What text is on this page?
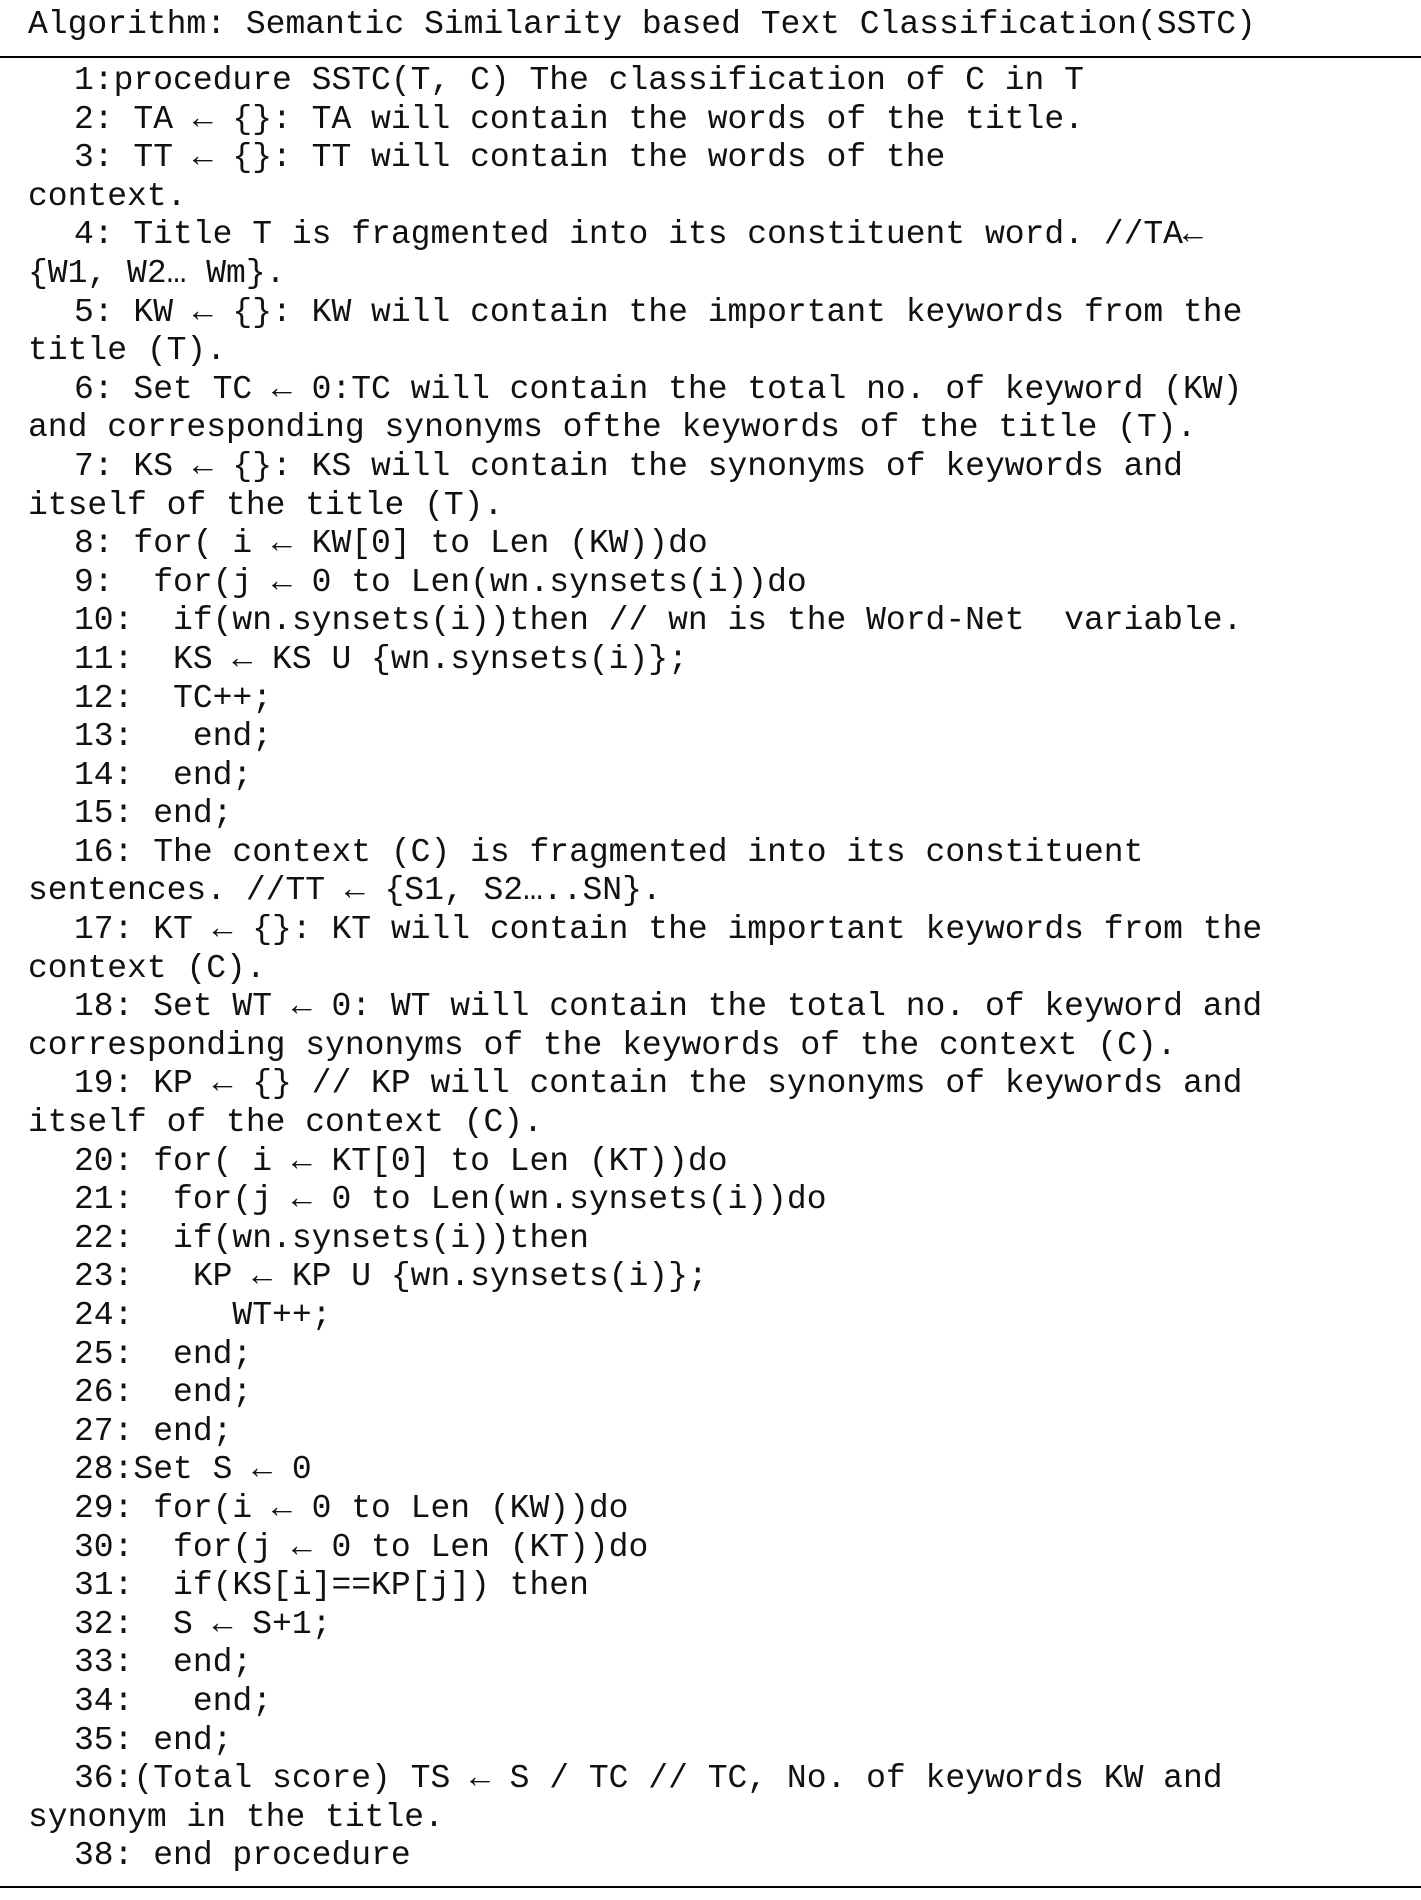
Algorithm: Semantic Similarity based Text Classification(SSTC)
1:procedure SSTC(T, C) The classification of C in T
2: TA ← {}: TA will contain the words of the title.
3: TT ← {}: TT will contain the words of the
context.
4: Title T is fragmented into its constituent word. //TA←
{W1, W2… Wm}.
5: KW ← {}: KW will contain the important keywords from the
title (T).
6: Set TC ← 0:TC will contain the total no. of keyword (KW)
and corresponding synonyms ofthe keywords of the title (T).
7: KS ← {}: KS will contain the synonyms of keywords and
itself of the title (T).
8: for( i ← KW[0] to Len (KW))do
9:  for(j ← 0 to Len(wn.synsets(i))do
10:  if(wn.synsets(i))then // wn is the Word-Net  variable.
11:  KS ← KS U {wn.synsets(i)};
12:  TC++;
13:   end;
14:  end;
15: end;
16: The context (C) is fragmented into its constituent
sentences. //TT ← {S1, S2…..SN}.
17: KT ← {}: KT will contain the important keywords from the
context (C).
18: Set WT ← 0: WT will contain the total no. of keyword and
corresponding synonyms of the keywords of the context (C).
19: KP ← {} // KP will contain the synonyms of keywords and
itself of the context (C).
20: for( i ← KT[0] to Len (KT))do
21:  for(j ← 0 to Len(wn.synsets(i))do
22:  if(wn.synsets(i))then
23:   KP ← KP U {wn.synsets(i)};
24:     WT++;
25:  end;
26:  end;
27: end;
28:Set S ← 0
29: for(i ← 0 to Len (KW))do
30:  for(j ← 0 to Len (KT))do
31:  if(KS[i]==KP[j]) then
32:  S ← S+1;
33:  end;
34:   end;
35: end;
36:(Total score) TS ← S / TC // TC, No. of keywords KW and
synonym in the title.
38: end procedure
